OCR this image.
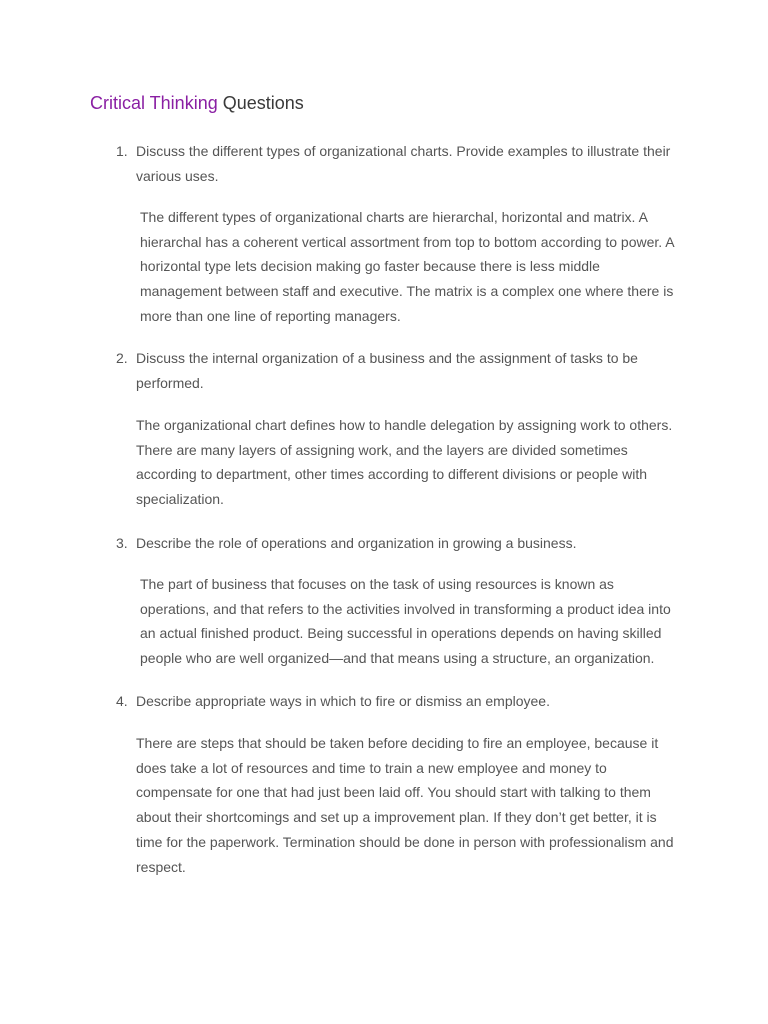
Critical Thinking Questions
1. Discuss the different types of organizational charts. Provide examples to illustrate their
various uses.

The different types of organizational charts are hierarchal, horizontal and matrix. A hierarchal has a coherent vertical assortment from top to bottom according to power. A horizontal type lets decision making go faster because there is less middle management between staff and executive. The matrix is a complex one where there is more than one line of reporting managers.

2. Discuss the internal organization of a business and the assignment of tasks to be
performed.

The organizational chart defines how to handle delegation by assigning work to others. There are many layers of assigning work, and the layers are divided sometimes according to department, other times according to different divisions or people with specialization.

3. Describe the role of operations and organization in growing a business.

The part of business that focuses on the task of using resources is known as operations, and that refers to the activities involved in transforming a product idea into an actual finished product. Being successful in operations depends on having skilled people who are well organized—and that means using a structure, an organization.

4. Describe appropriate ways in which to fire or dismiss an employee.

There are steps that should be taken before deciding to fire an employee, because it does take a lot of resources and time to train a new employee and money to compensate for one that had just been laid off. You should start with talking to them about their shortcomings and set up a improvement plan. If they don’t get better, it is time for the paperwork. Termination should be done in person with professionalism and respect.
